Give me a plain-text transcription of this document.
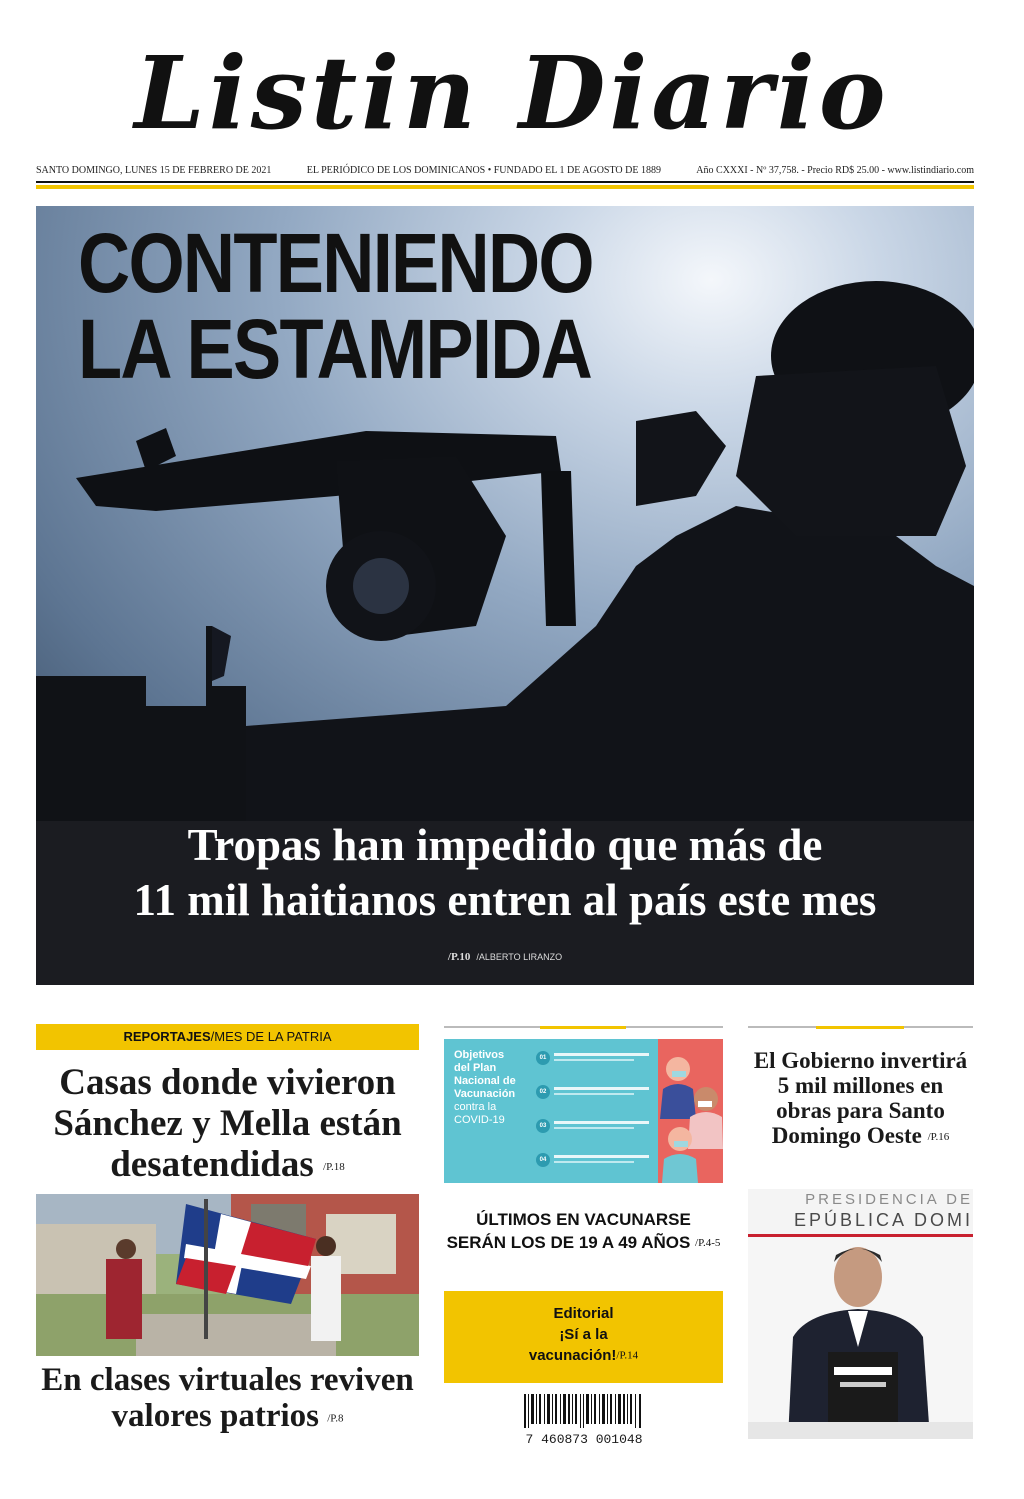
Listin Diario
SANTO DOMINGO, LUNES 15 DE FEBRERO DE 2021	EL PERIÓDICO DE LOS DOMINICANOS • FUNDADO EL 1 DE AGOSTO DE 1889	Año CXXXI - Nº 37,758. - Precio RD$ 25.00 - www.listindiario.com
CONTENIENDO
LA ESTAMPIDA
Tropas han impedido que más de
11 mil haitianos entren al país este mes
/P.10 /ALBERTO LIRANZO
REPORTAJES/MES DE LA PATRIA
Casas donde vivieron Sánchez y Mella están desatendidas /P.18
En clases virtuales reviven valores patrios /P.8
Objetivos
del Plan
Nacional de
Vacunación
contra la
COVID-19
01
02
03
04
ÚLTIMOS EN VACUNARSE
SERÁN LOS DE 19 A 49 AÑOS /P.4-5
Editorial
¡Sí a la
vacunación!/P.14
7 460873 001048
El Gobierno invertirá 5 mil millones en obras para Santo Domingo Oeste /P.16
PRESIDENCIA DE
EPÚBLICA DOMI
